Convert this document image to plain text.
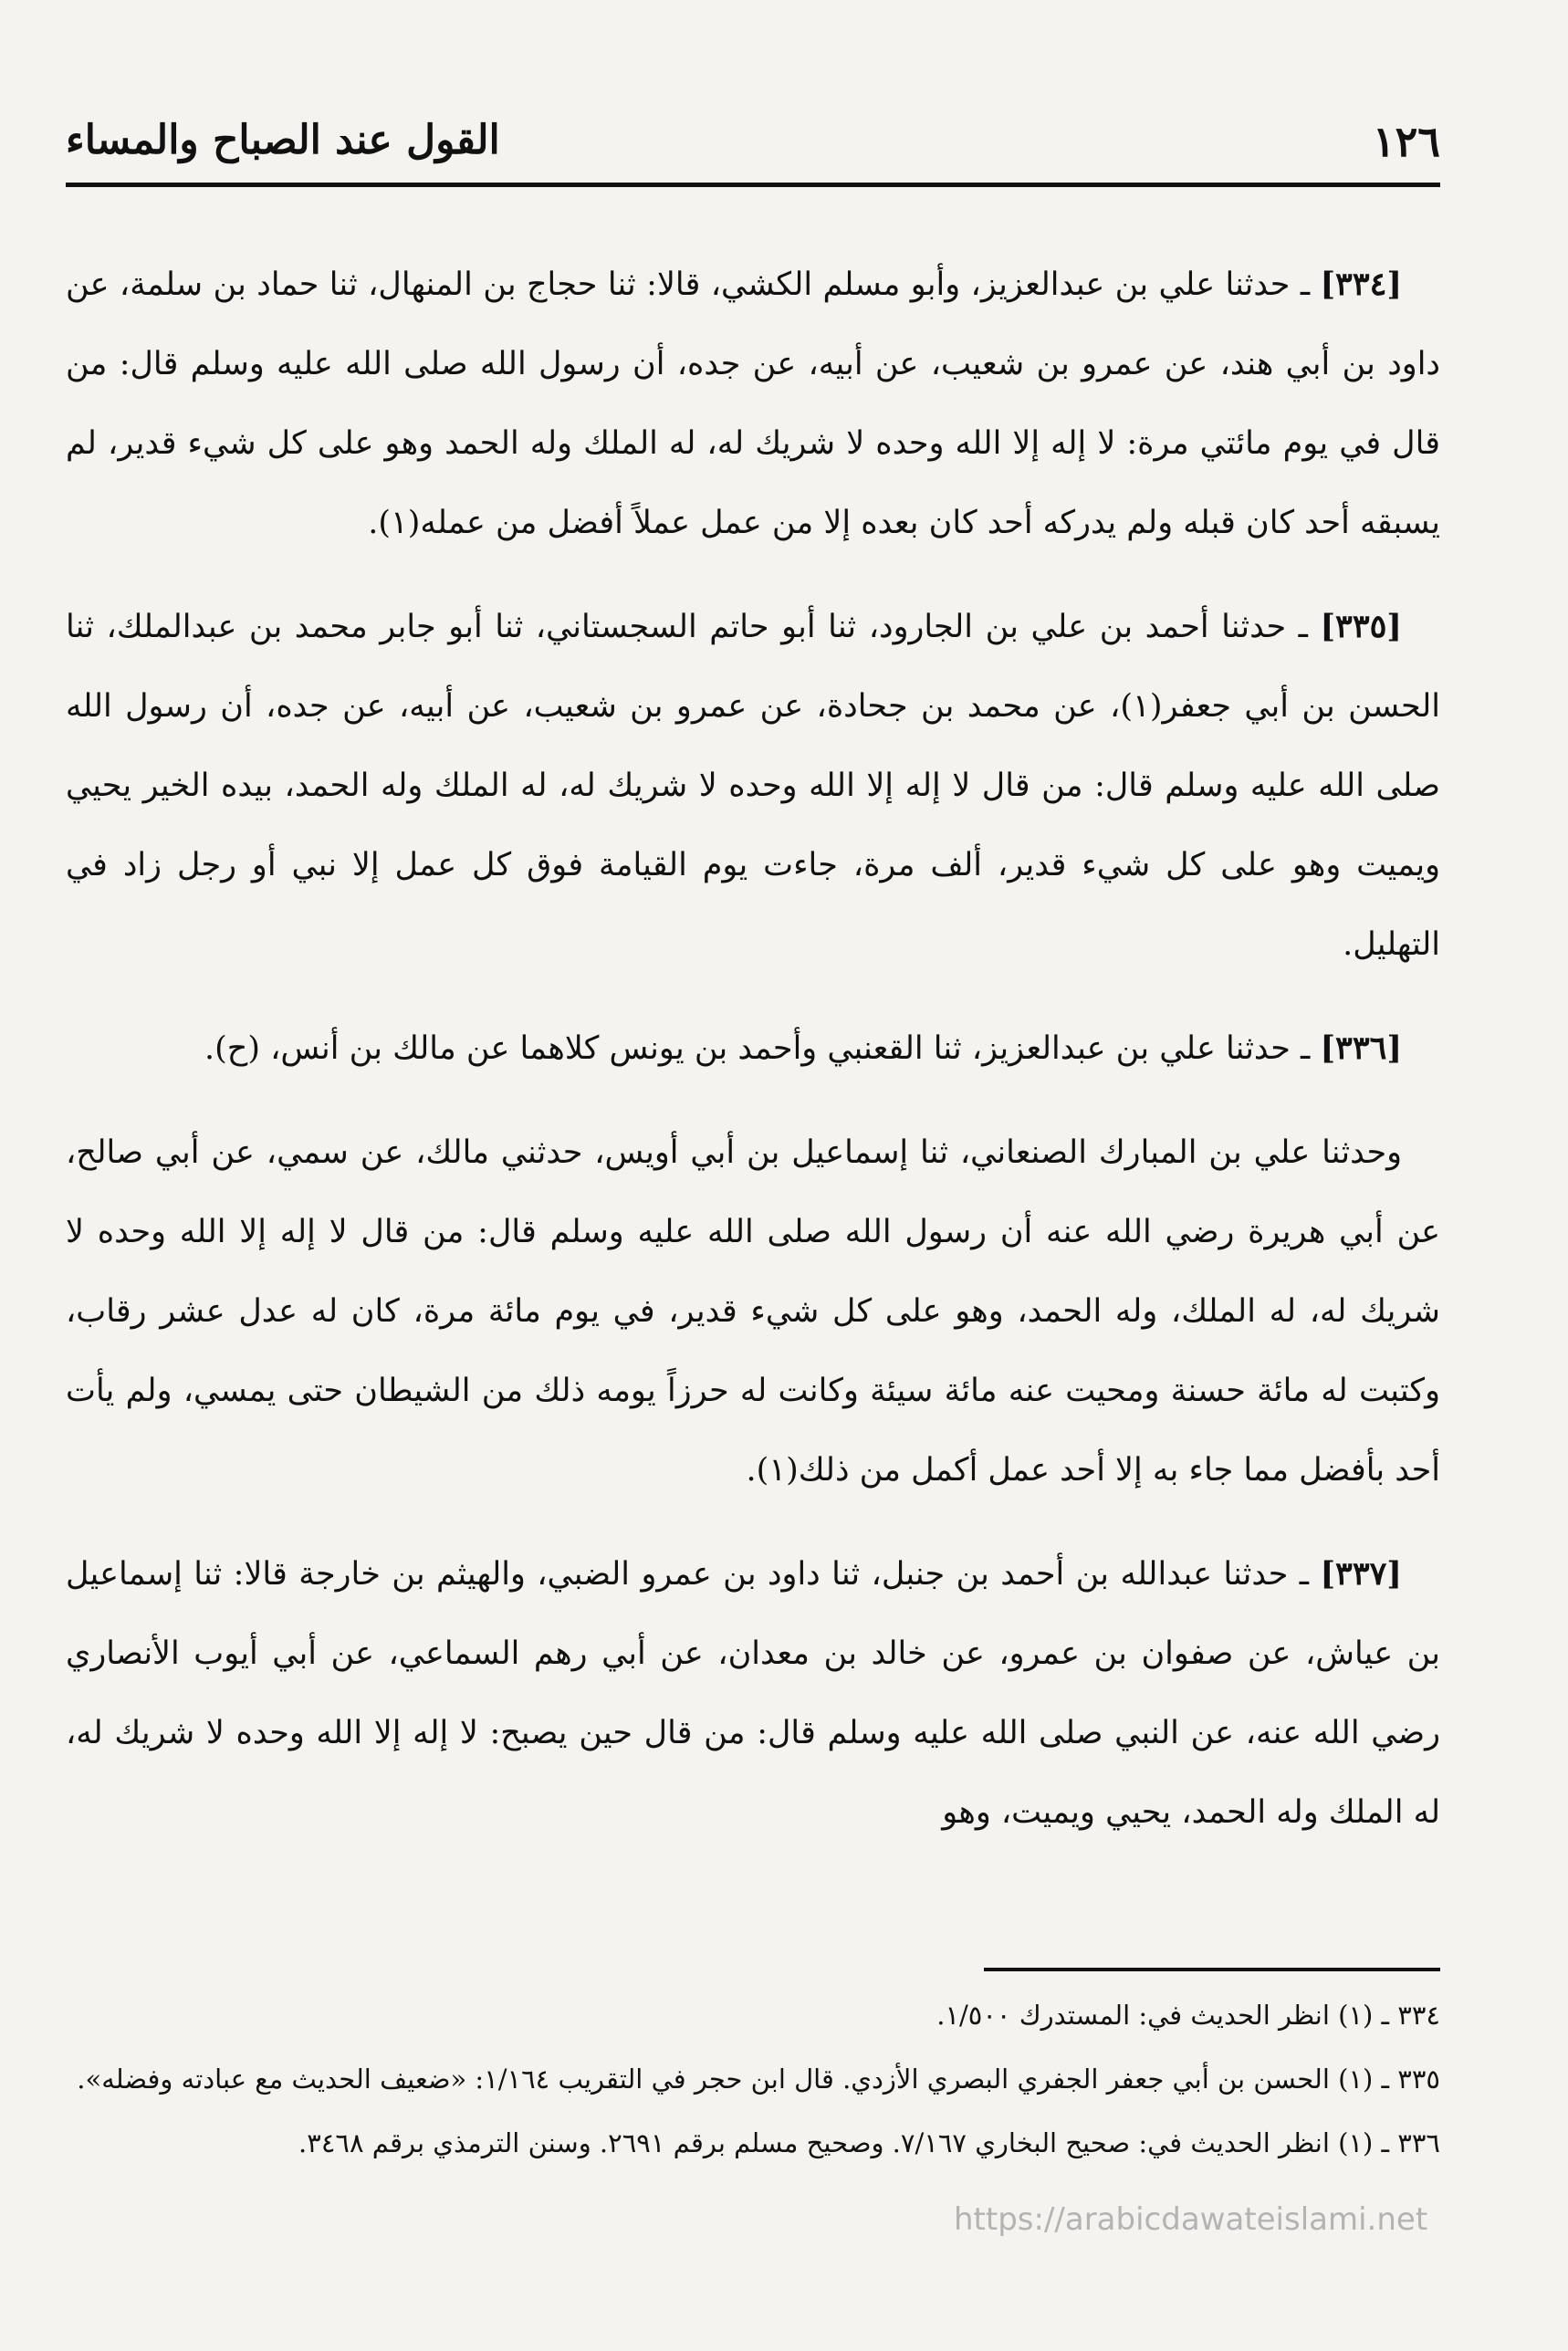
١٢٦
القول عند الصباح والمساء

[٣٣٤] ـ حدثنا علي بن عبدالعزيز، وأبو مسلم الكشي، قالا: ثنا حجاج بن المنهال، ثنا حماد بن سلمة، عن داود بن أبي هند، عن عمرو بن شعيب، عن أبيه، عن جده، أن رسول الله صلى الله عليه وسلم قال: من قال في يوم مائتي مرة: لا إله إلا الله وحده لا شريك له، له الملك وله الحمد وهو على كل شيء قدير، لم يسبقه أحد كان قبله ولم يدركه أحد كان بعده إلا من عمل عملاً أفضل من عمله(١).

[٣٣٥] ـ حدثنا أحمد بن علي بن الجارود، ثنا أبو حاتم السجستاني، ثنا أبو جابر محمد بن عبدالملك، ثنا الحسن بن أبي جعفر(١)، عن محمد بن جحادة، عن عمرو بن شعيب، عن أبيه، عن جده، أن رسول الله صلى الله عليه وسلم قال: من قال لا إله إلا الله وحده لا شريك له، له الملك وله الحمد، بيده الخير يحيي ويميت وهو على كل شيء قدير، ألف مرة، جاءت يوم القيامة فوق كل عمل إلا نبي أو رجل زاد في التهليل.

[٣٣٦] ـ حدثنا علي بن عبدالعزيز، ثنا القعنبي وأحمد بن يونس كلاهما عن مالك بن أنس، (ح).

وحدثنا علي بن المبارك الصنعاني، ثنا إسماعيل بن أبي أويس، حدثني مالك، عن سمي، عن أبي صالح، عن أبي هريرة رضي الله عنه أن رسول الله صلى الله عليه وسلم قال: من قال لا إله إلا الله وحده لا شريك له، له الملك، وله الحمد، وهو على كل شيء قدير، في يوم مائة مرة، كان له عدل عشر رقاب، وكتبت له مائة حسنة ومحيت عنه مائة سيئة وكانت له حرزاً يومه ذلك من الشيطان حتى يمسي، ولم يأت أحد بأفضل مما جاء به إلا أحد عمل أكمل من ذلك(١).

[٣٣٧] ـ حدثنا عبدالله بن أحمد بن جنبل، ثنا داود بن عمرو الضبي، والهيثم بن خارجة قالا: ثنا إسماعيل بن عياش، عن صفوان بن عمرو، عن خالد بن معدان، عن أبي رهم السماعي، عن أبي أيوب الأنصاري رضي الله عنه، عن النبي صلى الله عليه وسلم قال: من قال حين يصبح: لا إله إلا الله وحده لا شريك له، له الملك وله الحمد، يحيي ويميت، وهو

٣٣٤ ـ (١) انظر الحديث في: المستدرك ١/٥٠٠.

٣٣٥ ـ (١) الحسن بن أبي جعفر الجفري البصري الأزدي. قال ابن حجر في التقريب ١/١٦٤: «ضعيف الحديث مع عبادته وفضله».

٣٣٦ ـ (١) انظر الحديث في: صحيح البخاري ٧/١٦٧. وصحيح مسلم برقم ٢٦٩١. وسنن الترمذي برقم ٣٤٦٨.

https://arabicdawateislami.net
